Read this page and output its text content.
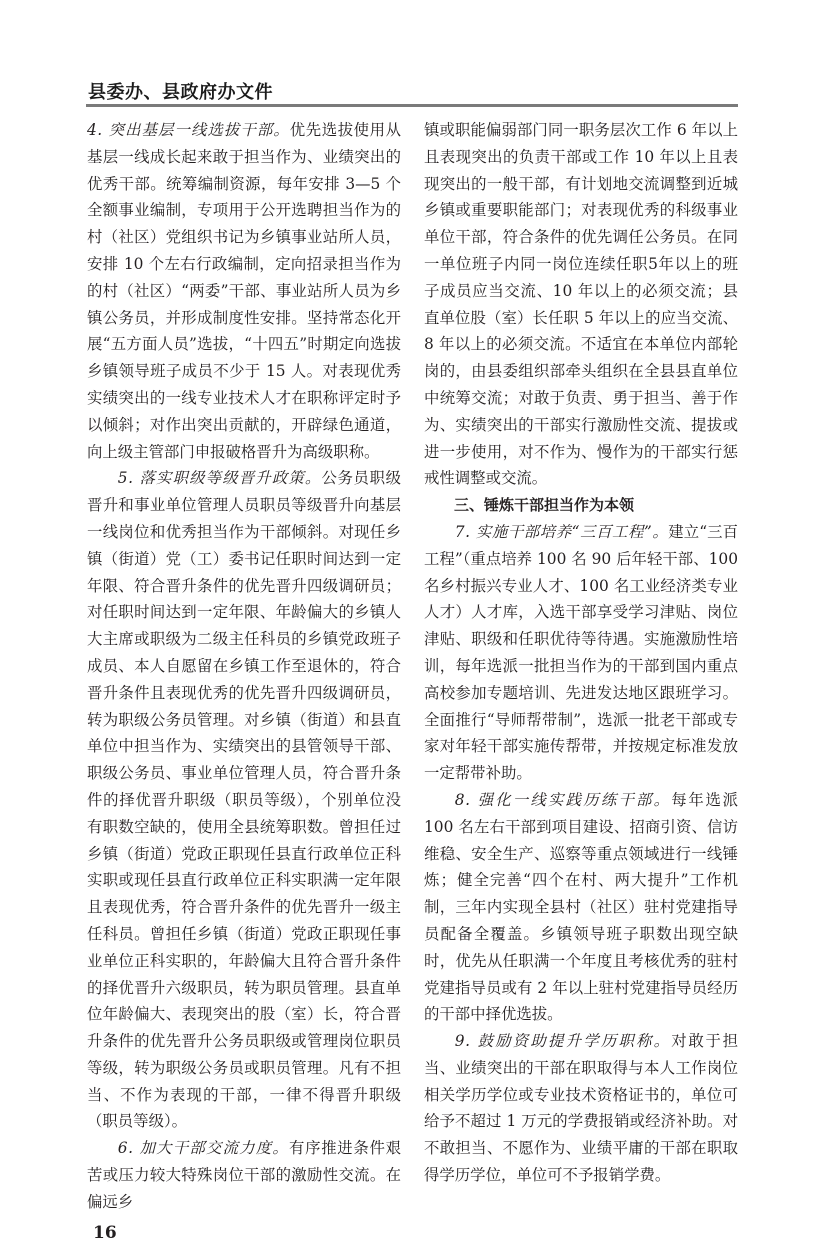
县委办、县政府办文件

4. 突出基层一线选拔干部。优先选拔使用从基层一线成长起来敢于担当作为、业绩突出的优秀干部。统筹编制资源，每年安排 3—5 个全额事业编制，专项用于公开选聘担当作为的村（社区）党组织书记为乡镇事业站所人员，安排 10 个左右行政编制，定向招录担当作为的村（社区）“两委”干部、事业站所人员为乡镇公务员，并形成制度性安排。坚持常态化开展“五方面人员”选拔，“十四五”时期定向选拔乡镇领导班子成员不少于 15 人。对表现优秀实绩突出的一线专业技术人才在职称评定时予以倾斜；对作出突出贡献的，开辟绿色通道，向上级主管部门申报破格晋升为高级职称。

5. 落实职级等级晋升政策。公务员职级晋升和事业单位管理人员职员等级晋升向基层一线岗位和优秀担当作为干部倾斜。对现任乡镇（街道）党（工）委书记任职时间达到一定年限、符合晋升条件的优先晋升四级调研员；对任职时间达到一定年限、年龄偏大的乡镇人大主席或职级为二级主任科员的乡镇党政班子成员、本人自愿留在乡镇工作至退休的，符合晋升条件且表现优秀的优先晋升四级调研员，转为职级公务员管理。对乡镇（街道）和县直单位中担当作为、实绩突出的县管领导干部、职级公务员、事业单位管理人员，符合晋升条件的择优晋升职级（职员等级），个别单位没有职数空缺的，使用全县统筹职数。曾担任过乡镇（街道）党政正职现任县直行政单位正科实职或现任县直行政单位正科实职满一定年限且表现优秀，符合晋升条件的优先晋升一级主任科员。曾担任乡镇（街道）党政正职现任事业单位正科实职的，年龄偏大且符合晋升条件的择优晋升六级职员，转为职员管理。县直单位年龄偏大、表现突出的股（室）长，符合晋升条件的优先晋升公务员职级或管理岗位职员等级，转为职级公务员或职员管理。凡有不担当、不作为表现的干部，一律不得晋升职级（职员等级）。

6. 加大干部交流力度。有序推进条件艰苦或压力较大特殊岗位干部的激励性交流。在偏远乡

16

镇或职能偏弱部门同一职务层次工作 6 年以上且表现突出的负责干部或工作 10 年以上且表现突出的一般干部，有计划地交流调整到近城乡镇或重要职能部门；对表现优秀的科级事业单位干部，符合条件的优先调任公务员。在同一单位班子内同一岗位连续任职5年以上的班子成员应当交流、10 年以上的必须交流；县直单位股（室）长任职 5 年以上的应当交流、8 年以上的必须交流。不适宜在本单位内部轮岗的，由县委组织部牵头组织在全县县直单位中统筹交流；对敢于负责、勇于担当、善于作为、实绩突出的干部实行激励性交流、提拔或进一步使用，对不作为、慢作为的干部实行惩戒性调整或交流。

三、锤炼干部担当作为本领

7. 实施干部培养“三百工程”。建立“三百工程”（重点培养 100 名 90 后年轻干部、100 名乡村振兴专业人才、100 名工业经济类专业人才）人才库，入选干部享受学习津贴、岗位津贴、职级和任职优待等待遇。实施激励性培训，每年选派一批担当作为的干部到国内重点高校参加专题培训、先进发达地区跟班学习。全面推行“导师帮带制”，选派一批老干部或专家对年轻干部实施传帮带，并按规定标准发放一定帮带补助。

8. 强化一线实践历练干部。每年选派 100 名左右干部到项目建设、招商引资、信访维稳、安全生产、巡察等重点领域进行一线锤炼；健全完善“四个在村、两大提升”工作机制，三年内实现全县村（社区）驻村党建指导员配备全覆盖。乡镇领导班子职数出现空缺时，优先从任职满一个年度且考核优秀的驻村党建指导员或有 2 年以上驻村党建指导员经历的干部中择优选拔。

9. 鼓励资助提升学历职称。对敢于担当、业绩突出的干部在职取得与本人工作岗位相关学历学位或专业技术资格证书的，单位可给予不超过 1 万元的学费报销或经济补助。对不敢担当、不愿作为、业绩平庸的干部在职取得学历学位，单位可不予报销学费。
